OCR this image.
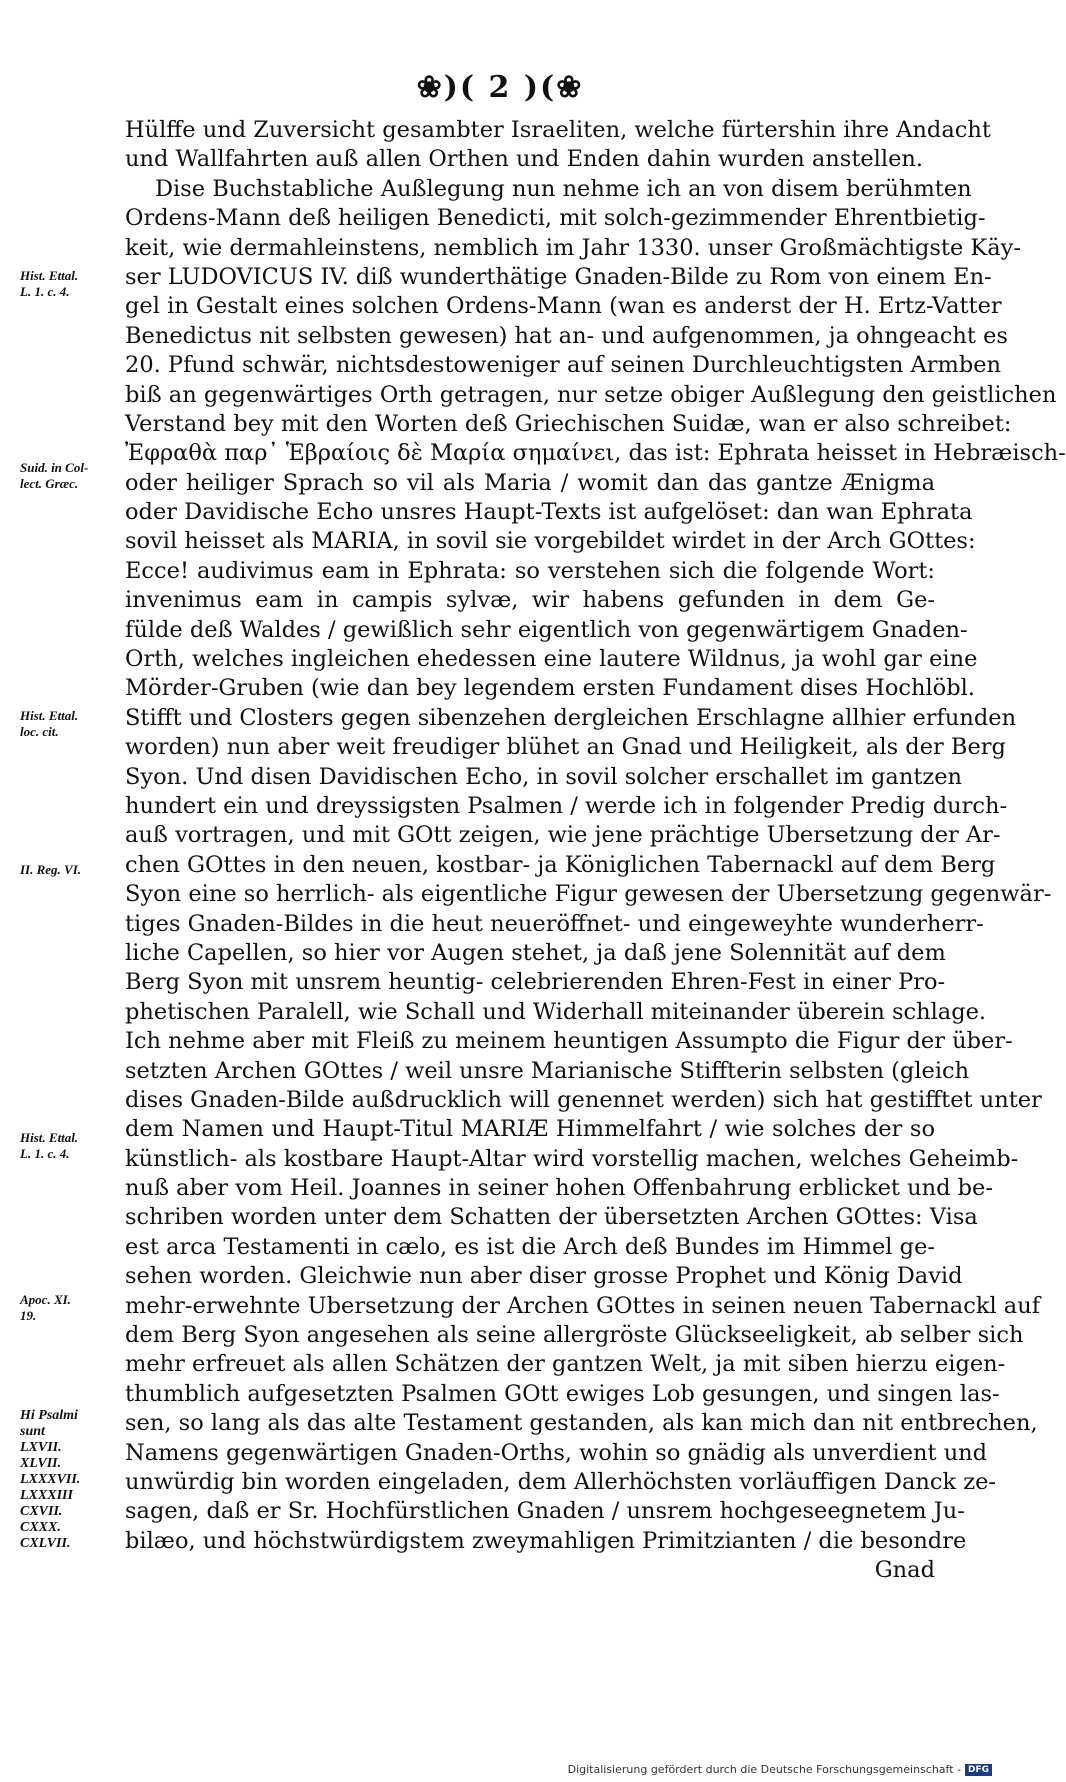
❀)( 2 )(❀
Hist. Ettal.
L. 1. c. 4.
Suid. in Col-
lect. Græc.
Hist. Ettal.
loc. cit.
II. Reg. VI.
Hist. Ettal.
L. 1. c. 4.
Apoc. XI.
19.
Hi Psalmi
sunt
LXVII.
XLVII.
LXXXVII.
LXXXIII
CXVII.
CXXX.
CXLVII.
Hülffe und Zuversicht gesambter Israeliten, welche fürtershin ihre Andacht
und Wallfahrten auß allen Orthen und Enden dahin wurden anstellen.
Dise Buchstabliche Außlegung nun nehme ich an von disem berühmten
Ordens-Mann deß heiligen Benedicti, mit solch-gezimmender Ehrentbietig-
keit, wie dermahleinstens, nemblich im Jahr 1330. unser Großmächtigste Käy-
ser LUDOVICUS IV. diß wunderthätige Gnaden-Bilde zu Rom von einem En-
gel in Gestalt eines solchen Ordens-Mann (wan es anderst der H. Ertz-Vatter
Benedictus nit selbsten gewesen) hat an- und aufgenommen, ja ohngeacht es
20. Pfund schwär, nichtsdestoweniger auf seinen Durchleuchtigsten Armben
biß an gegenwärtiges Orth getragen, nur setze obiger Außlegung den geistlichen
Verstand bey mit den Worten deß Griechischen Suidæ, wan er also schreibet:
Ἐφραθὰ παρ᾽ Ἑβραίοις δὲ Μαρία σημαίνει, das ist: Ephrata heisset in Hebræisch-
oder heiliger Sprach so vil als Maria / womit dan das gantze Ænigma
oder Davidische Echo unsres Haupt-Texts ist aufgelöset: dan wan Ephrata
sovil heisset als MARIA, in sovil sie vorgebildet wirdet in der Arch GOttes:
Ecce! audivimus eam in Ephrata: so verstehen sich die folgende Wort:
invenimus eam in campis sylvæ, wir habens gefunden in dem Ge-
fülde deß Waldes / gewißlich sehr eigentlich von gegenwärtigem Gnaden-
Orth, welches ingleichen ehedessen eine lautere Wildnus, ja wohl gar eine
Mörder-Gruben (wie dan bey legendem ersten Fundament dises Hochlöbl.
Stifft und Closters gegen sibenzehen dergleichen Erschlagne allhier erfunden
worden) nun aber weit freudiger blühet an Gnad und Heiligkeit, als der Berg
Syon. Und disen Davidischen Echo, in sovil solcher erschallet im gantzen
hundert ein und dreyssigsten Psalmen / werde ich in folgender Predig durch-
auß vortragen, und mit GOtt zeigen, wie jene prächtige Ubersetzung der Ar-
chen GOttes in den neuen, kostbar- ja Königlichen Tabernackl auf dem Berg
Syon eine so herrlich- als eigentliche Figur gewesen der Ubersetzung gegenwär-
tiges Gnaden-Bildes in die heut neueröffnet- und eingeweyhte wunderherr-
liche Capellen, so hier vor Augen stehet, ja daß jene Solennität auf dem
Berg Syon mit unsrem heuntig- celebrierenden Ehren-Fest in einer Pro-
phetischen Paralell, wie Schall und Widerhall miteinander überein schlage.
Ich nehme aber mit Fleiß zu meinem heuntigen Assumpto die Figur der über-
setzten Archen GOttes / weil unsre Marianische Stiffterin selbsten (gleich
dises Gnaden-Bilde außdrucklich will genennet werden) sich hat gestifftet unter
dem Namen und Haupt-Titul MARIÆ Himmelfahrt / wie solches der so
künstlich- als kostbare Haupt-Altar wird vorstellig machen, welches Geheimb-
nuß aber vom Heil. Joannes in seiner hohen Offenbahrung erblicket und be-
schriben worden unter dem Schatten der übersetzten Archen GOttes: Visa
est arca Testamenti in cælo, es ist die Arch deß Bundes im Himmel ge-
sehen worden. Gleichwie nun aber diser grosse Prophet und König David
mehr-erwehnte Ubersetzung der Archen GOttes in seinen neuen Tabernackl auf
dem Berg Syon angesehen als seine allergröste Glückseeligkeit, ab selber sich
mehr erfreuet als allen Schätzen der gantzen Welt, ja mit siben hierzu eigen-
thumblich aufgesetzten Psalmen GOtt ewiges Lob gesungen, und singen las-
sen, so lang als das alte Testament gestanden, als kan mich dan nit entbrechen,
Namens gegenwärtigen Gnaden-Orths, wohin so gnädig als unverdient und
unwürdig bin worden eingeladen, dem Allerhöchsten vorläuffigen Danck ze-
sagen, daß er Sr. Hochfürstlichen Gnaden / unsrem hochgeseegnetem Ju-
bilæo, und höchstwürdigstem zweymahligen Primitzianten / die besondre
Gnad
Digitalisierung gefördert durch die Deutsche Forschungsgemeinschaft - DFG
